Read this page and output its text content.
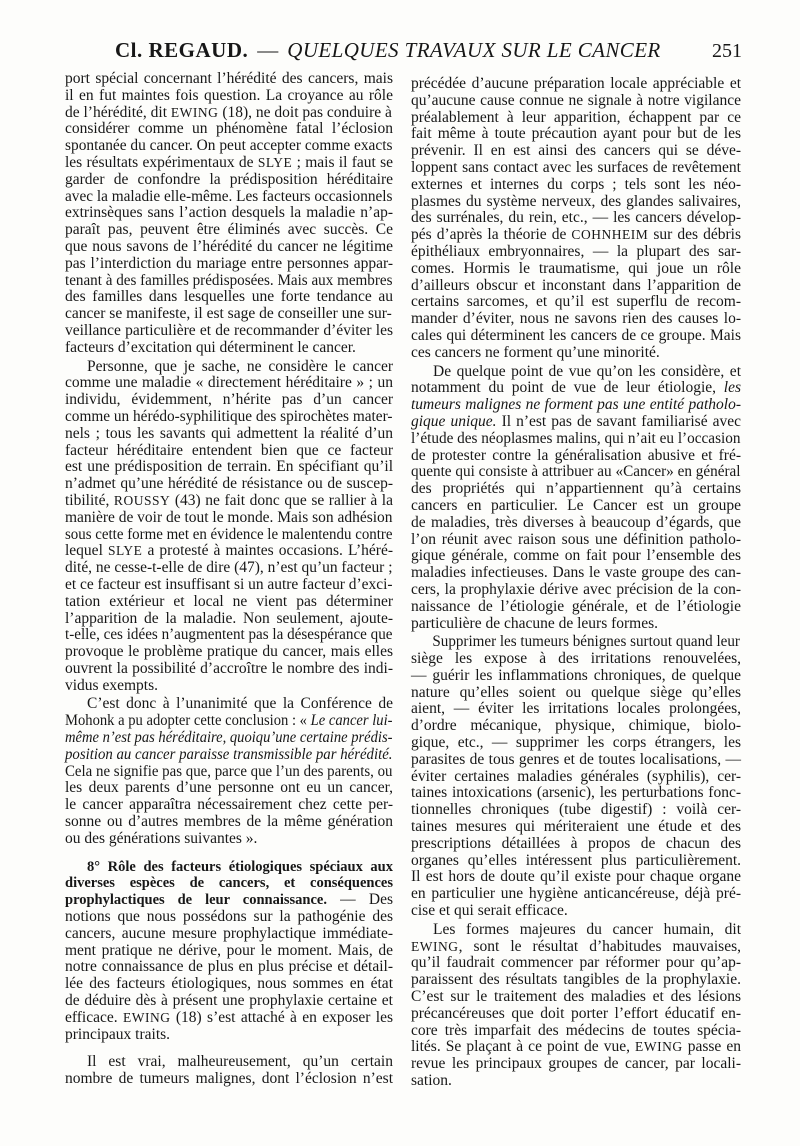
Cl. REGAUD. — QUELQUES TRAVAUX SUR LE CANCER	251
port spécial concernant l’hérédité des cancers, mais
il en fut maintes fois question. La croyance au rôle
de l’hérédité, dit EWING (18), ne doit pas conduire à
considérer comme un phénomène fatal l’éclosion
spontanée du cancer. On peut accepter comme exacts
les résultats expérimentaux de SLYE ; mais il faut se
garder de confondre la prédisposition héréditaire
avec la maladie elle-même. Les facteurs occasionnels
extrinsèques sans l’action desquels la maladie n’ap-
paraît pas, peuvent être éliminés avec succès. Ce
que nous savons de l’hérédité du cancer ne légitime
pas l’interdiction du mariage entre personnes appar-
tenant à des familles prédisposées. Mais aux membres
des familles dans lesquelles une forte tendance au
cancer se manifeste, il est sage de conseiller une sur-
veillance particulière et de recommander d’éviter les
facteurs d’excitation qui déterminent le cancer.
Personne, que je sache, ne considère le cancer
comme une maladie « directement héréditaire » ; un
individu, évidemment, n’hérite pas d’un cancer
comme un hérédo-syphilitique des spirochètes mater-
nels ; tous les savants qui admettent la réalité d’un
facteur héréditaire entendent bien que ce facteur
est une prédisposition de terrain. En spécifiant qu’il
n’admet qu’une hérédité de résistance ou de suscep-
tibilité, ROUSSY (43) ne fait donc que se rallier à la
manière de voir de tout le monde. Mais son adhésion
sous cette forme met en évidence le malentendu contre
lequel SLYE a protesté à maintes occasions. L’héré-
dité, ne cesse-t-elle de dire (47), n’est qu’un facteur ;
et ce facteur est insuffisant si un autre facteur d’exci-
tation extérieur et local ne vient pas déterminer
l’apparition de la maladie. Non seulement, ajoute-
t-elle, ces idées n’augmentent pas la désespérance que
provoque le problème pratique du cancer, mais elles
ouvrent la possibilité d’accroître le nombre des indi-
vidus exempts.
C’est donc à l’unanimité que la Conférence de
Mohonk a pu adopter cette conclusion : « Le cancer lui-
même n’est pas héréditaire, quoiqu’une certaine prédis-
position au cancer paraisse transmissible par hérédité.
Cela ne signifie pas que, parce que l’un des parents, ou
les deux parents d’une personne ont eu un cancer,
le cancer apparaîtra nécessairement chez cette per-
sonne ou d’autres membres de la même génération
ou des générations suivantes ».
8° Rôle des facteurs étiologiques spéciaux aux
diverses espèces de cancers, et conséquences
prophylactiques de leur connaissance. — Des
notions que nous possédons sur la pathogénie des
cancers, aucune mesure prophylactique immédiate-
ment pratique ne dérive, pour le moment. Mais, de
notre connaissance de plus en plus précise et détail-
lée des facteurs étiologiques, nous sommes en état
de déduire dès à présent une prophylaxie certaine et
efficace. EWING (18) s’est attaché à en exposer les
principaux traits.
Il est vrai, malheureusement, qu’un certain
nombre de tumeurs malignes, dont l’éclosion n’est
précédée d’aucune préparation locale appréciable et
qu’aucune cause connue ne signale à notre vigilance
préalablement à leur apparition, échappent par ce
fait même à toute précaution ayant pour but de les
prévenir. Il en est ainsi des cancers qui se déve-
loppent sans contact avec les surfaces de revêtement
externes et internes du corps ; tels sont les néo-
plasmes du système nerveux, des glandes salivaires,
des surrénales, du rein, etc., — les cancers dévelop-
pés d’après la théorie de COHNHEIM sur des débris
épithéliaux embryonnaires, — la plupart des sar-
comes. Hormis le traumatisme, qui joue un rôle
d’ailleurs obscur et inconstant dans l’apparition de
certains sarcomes, et qu’il est superflu de recom-
mander d’éviter, nous ne savons rien des causes lo-
cales qui déterminent les cancers de ce groupe. Mais
ces cancers ne forment qu’une minorité.
De quelque point de vue qu’on les considère, et
notamment du point de vue de leur étiologie, les
tumeurs malignes ne forment pas une entité patholo-
gique unique. Il n’est pas de savant familiarisé avec
l’étude des néoplasmes malins, qui n’ait eu l’occasion
de protester contre la généralisation abusive et fré-
quente qui consiste à attribuer au «Cancer» en général
des propriétés qui n’appartiennent qu’à certains
cancers en particulier. Le Cancer est un groupe
de maladies, très diverses à beaucoup d’égards, que
l’on réunit avec raison sous une définition patholo-
gique générale, comme on fait pour l’ensemble des
maladies infectieuses. Dans le vaste groupe des can-
cers, la prophylaxie dérive avec précision de la con-
naissance de l’étiologie générale, et de l’étiologie
particulière de chacune de leurs formes.
Supprimer les tumeurs bénignes surtout quand leur
siège les expose à des irritations renouvelées,
— guérir les inflammations chroniques, de quelque
nature qu’elles soient ou quelque siège qu’elles
aient, — éviter les irritations locales prolongées,
d’ordre mécanique, physique, chimique, biolo-
gique, etc., — supprimer les corps étrangers, les
parasites de tous genres et de toutes localisations, —
éviter certaines maladies générales (syphilis), cer-
taines intoxications (arsenic), les perturbations fonc-
tionnelles chroniques (tube digestif) : voilà cer-
taines mesures qui mériteraient une étude et des
prescriptions détaillées à propos de chacun des
organes qu’elles intéressent plus particulièrement.
Il est hors de doute qu’il existe pour chaque organe
en particulier une hygiène anticancéreuse, déjà pré-
cise et qui serait efficace.
Les formes majeures du cancer humain, dit
EWING, sont le résultat d’habitudes mauvaises,
qu’il faudrait commencer par réformer pour qu’ap-
paraissent des résultats tangibles de la prophylaxie.
C’est sur le traitement des maladies et des lésions
précancéreuses que doit porter l’effort éducatif en-
core très imparfait des médecins de toutes spécia-
lités. Se plaçant à ce point de vue, EWING passe en
revue les principaux groupes de cancer, par locali-
sation.
